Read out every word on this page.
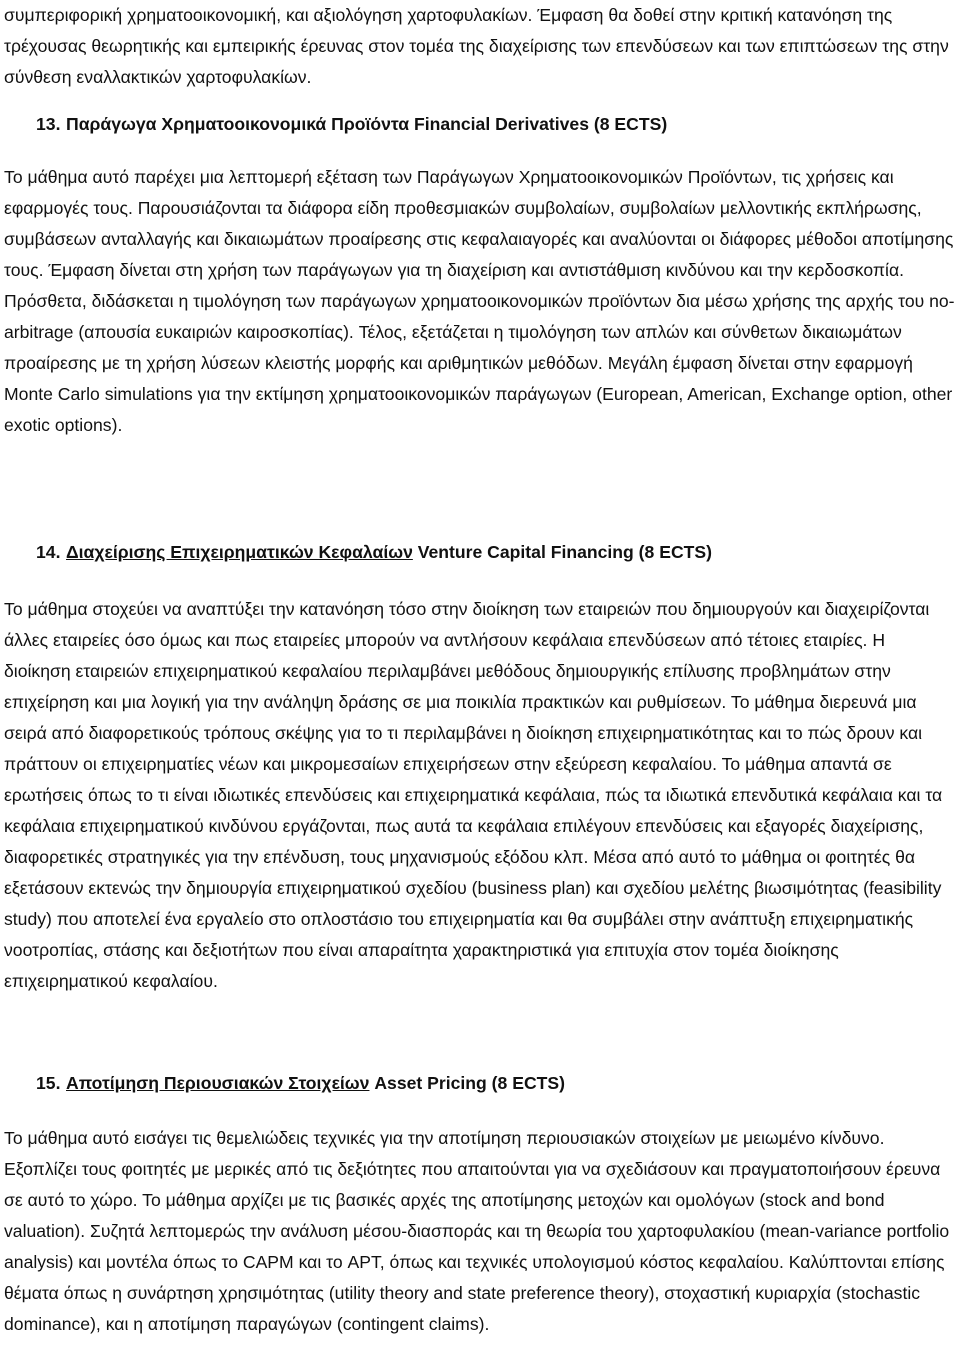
συμπεριφορική χρηματοοικονομική, και αξιολόγηση χαρτοφυλακίων. Έμφαση θα δοθεί στην κριτική κατανόηση της τρέχουσας θεωρητικής και εμπειρικής έρευνας στον τομέα της διαχείρισης των επενδύσεων και των επιπτώσεων της στην σύνθεση εναλλακτικών χαρτοφυλακίων.

13. Παράγωγα Χρηματοοικονομικά Προϊόντα Financial Derivatives (8 ECTS)

Το μάθημα αυτό παρέχει μια λεπτομερή εξέταση των Παράγωγων Χρηματοοικονομικών Προϊόντων, τις χρήσεις και εφαρμογές τους. Παρουσιάζονται τα διάφορα είδη προθεσμιακών συμβολαίων, συμβολαίων μελλοντικής εκπλήρωσης, συμβάσεων ανταλλαγής και δικαιωμάτων προαίρεσης στις κεφαλαιαγορές και αναλύονται οι διάφορες μέθοδοι αποτίμησης τους. Έμφαση δίνεται στη χρήση των παράγωγων για τη διαχείριση και αντιστάθμιση κινδύνου και την κερδοσκοπία. Πρόσθετα, διδάσκεται η τιμολόγηση των παράγωγων χρηματοοικονομικών προϊόντων δια μέσω χρήσης της αρχής του no-arbitrage (απουσία ευκαιριών καιροσκοπίας). Τέλος, εξετάζεται η τιμολόγηση των απλών και σύνθετων δικαιωμάτων προαίρεσης με τη χρήση λύσεων κλειστής μορφής και αριθμητικών μεθόδων. Μεγάλη έμφαση δίνεται στην εφαρμογή Monte Carlo simulations για την εκτίμηση χρηματοοικονομικών παράγωγων (European, American, Exchange option, other exotic options).

14. Διαχείρισης Επιχειρηματικών Κεφαλαίων Venture Capital Financing (8 ECTS)

Το μάθημα στοχεύει να αναπτύξει την κατανόηση τόσο στην διοίκηση των εταιρειών που δημιουργούν και διαχειρίζονται άλλες εταιρείες όσο όμως και πως εταιρείες μπορούν να αντλήσουν κεφάλαια επενδύσεων από τέτοιες εταιρίες. Η διοίκηση εταιρειών επιχειρηματικού κεφαλαίου περιλαμβάνει μεθόδους δημιουργικής επίλυσης προβλημάτων στην επιχείρηση και μια λογική για την ανάληψη δράσης σε μια ποικιλία πρακτικών και ρυθμίσεων. Το μάθημα διερευνά μια σειρά από διαφορετικούς τρόπους σκέψης για το τι περιλαμβάνει η διοίκηση επιχειρηματικότητας και το πώς δρουν και πράττουν οι επιχειρηματίες νέων και μικρομεσαίων επιχειρήσεων στην εξεύρεση κεφαλαίου. Το μάθημα απαντά σε ερωτήσεις όπως το τι είναι ιδιωτικές επενδύσεις και επιχειρηματικά κεφάλαια, πώς τα ιδιωτικά επενδυτικά κεφάλαια και τα κεφάλαια επιχειρηματικού κινδύνου εργάζονται, πως αυτά τα κεφάλαια επιλέγουν επενδύσεις και εξαγορές διαχείρισης, διαφορετικές στρατηγικές για την επένδυση, τους μηχανισμούς εξόδου κλπ. Μέσα από αυτό το μάθημα οι φοιτητές θα εξετάσουν εκτενώς την δημιουργία επιχειρηματικού σχεδίου (business plan) και σχεδίου μελέτης βιωσιμότητας (feasibility study) που αποτελεί ένα εργαλείο στο οπλοστάσιο του επιχειρηματία και θα συμβάλει στην ανάπτυξη επιχειρηματικής νοοτροπίας, στάσης και δεξιοτήτων που είναι απαραίτητα χαρακτηριστικά για επιτυχία στον τομέα διοίκησης επιχειρηματικού κεφαλαίου.

15. Αποτίμηση Περιουσιακών Στοιχείων Asset Pricing (8 ECTS)

Το μάθημα αυτό εισάγει τις θεμελιώδεις τεχνικές για την αποτίμηση περιουσιακών στοιχείων με μειωμένο κίνδυνο. Εξοπλίζει τους φοιτητές με μερικές από τις δεξιότητες που απαιτούνται για να σχεδιάσουν και πραγματοποιήσουν έρευνα σε αυτό το χώρο. Το μάθημα αρχίζει με τις βασικές αρχές της αποτίμησης μετοχών και ομολόγων (stock and bond valuation). Συζητά λεπτομερώς την ανάλυση μέσου-διασποράς και τη θεωρία του χαρτοφυλακίου (mean-variance portfolio analysis) και μοντέλα όπως το CAPM και το APT, όπως και τεχνικές υπολογισμού κόστος κεφαλαίου. Καλύπτονται επίσης θέματα όπως η συνάρτηση χρησιμότητας (utility theory and state preference theory), στοχαστική κυριαρχία (stochastic dominance), και η αποτίμηση παραγώγων (contingent claims).
